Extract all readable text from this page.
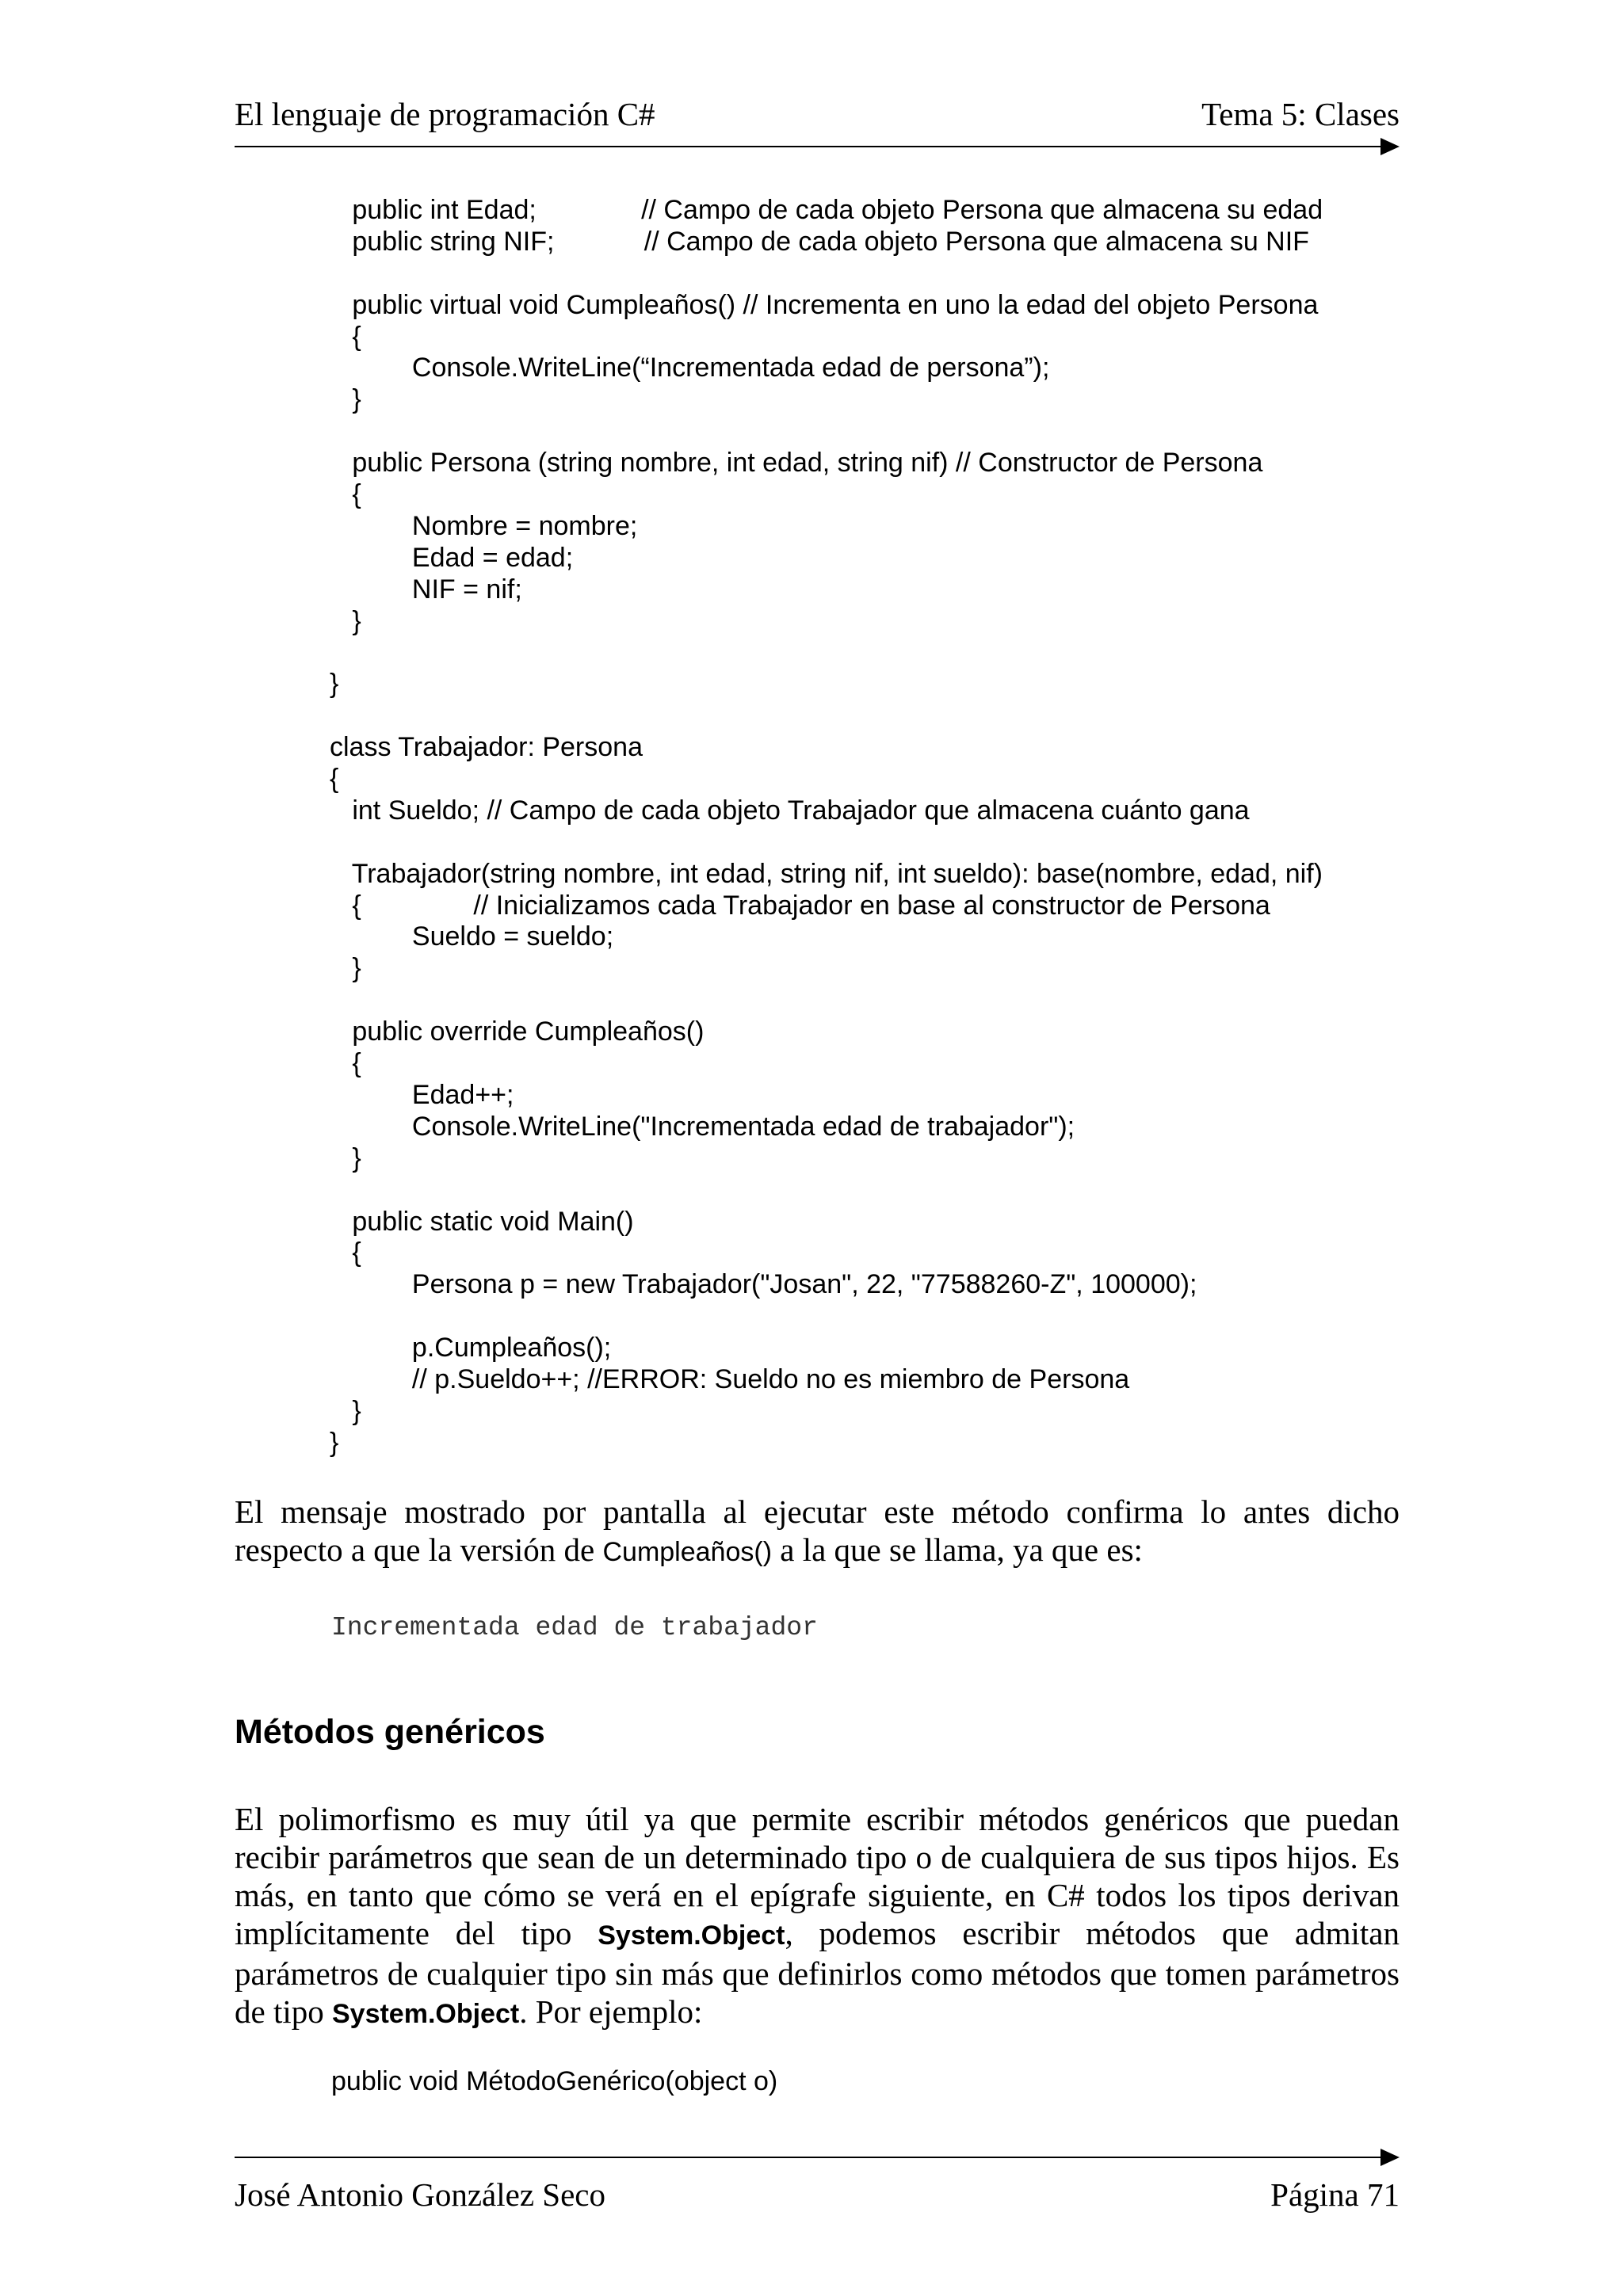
El lenguaje de programación C#	Tema 5: Clases
public int Edad;              // Campo de cada objeto Persona que almacena su edad
public string NIF;            // Campo de cada objeto Persona que almacena su NIF
public virtual void Cumpleaños() // Incrementa en uno la edad del objeto Persona
{
Console.WriteLine(“Incrementada edad de persona”);
}
public Persona (string nombre, int edad, string nif) // Constructor de Persona
{
Nombre = nombre;
Edad = edad;
NIF = nif;
}
}
class Trabajador: Persona
{
int Sueldo; // Campo de cada objeto Trabajador que almacena cuánto gana
Trabajador(string nombre, int edad, string nif, int sueldo): base(nombre, edad, nif)
{               // Inicializamos cada Trabajador en base al constructor de Persona
Sueldo = sueldo;
}
public override Cumpleaños()
{
Edad++;
Console.WriteLine("Incrementada edad de trabajador");
}
public static void Main()
{
Persona p = new Trabajador("Josan", 22, "77588260-Z", 100000);
p.Cumpleaños();
// p.Sueldo++; //ERROR: Sueldo no es miembro de Persona
}
}

El mensaje mostrado por pantalla al ejecutar este método confirma lo antes dicho respecto a que la versión de Cumpleaños() a la que se llama, ya que es:

Incrementada edad de trabajador

Métodos genéricos

El polimorfismo es muy útil ya que permite escribir métodos genéricos que puedan recibir parámetros que sean de un determinado tipo o de cualquiera de sus tipos hijos. Es más, en tanto que cómo se verá en el epígrafe siguiente, en C# todos los tipos derivan implícitamente del tipo System.Object, podemos escribir métodos que admitan parámetros de cualquier tipo sin más que definirlos como métodos que tomen parámetros de tipo System.Object. Por ejemplo:

public void MétodoGenérico(object o)

José Antonio González Seco	Página 71
